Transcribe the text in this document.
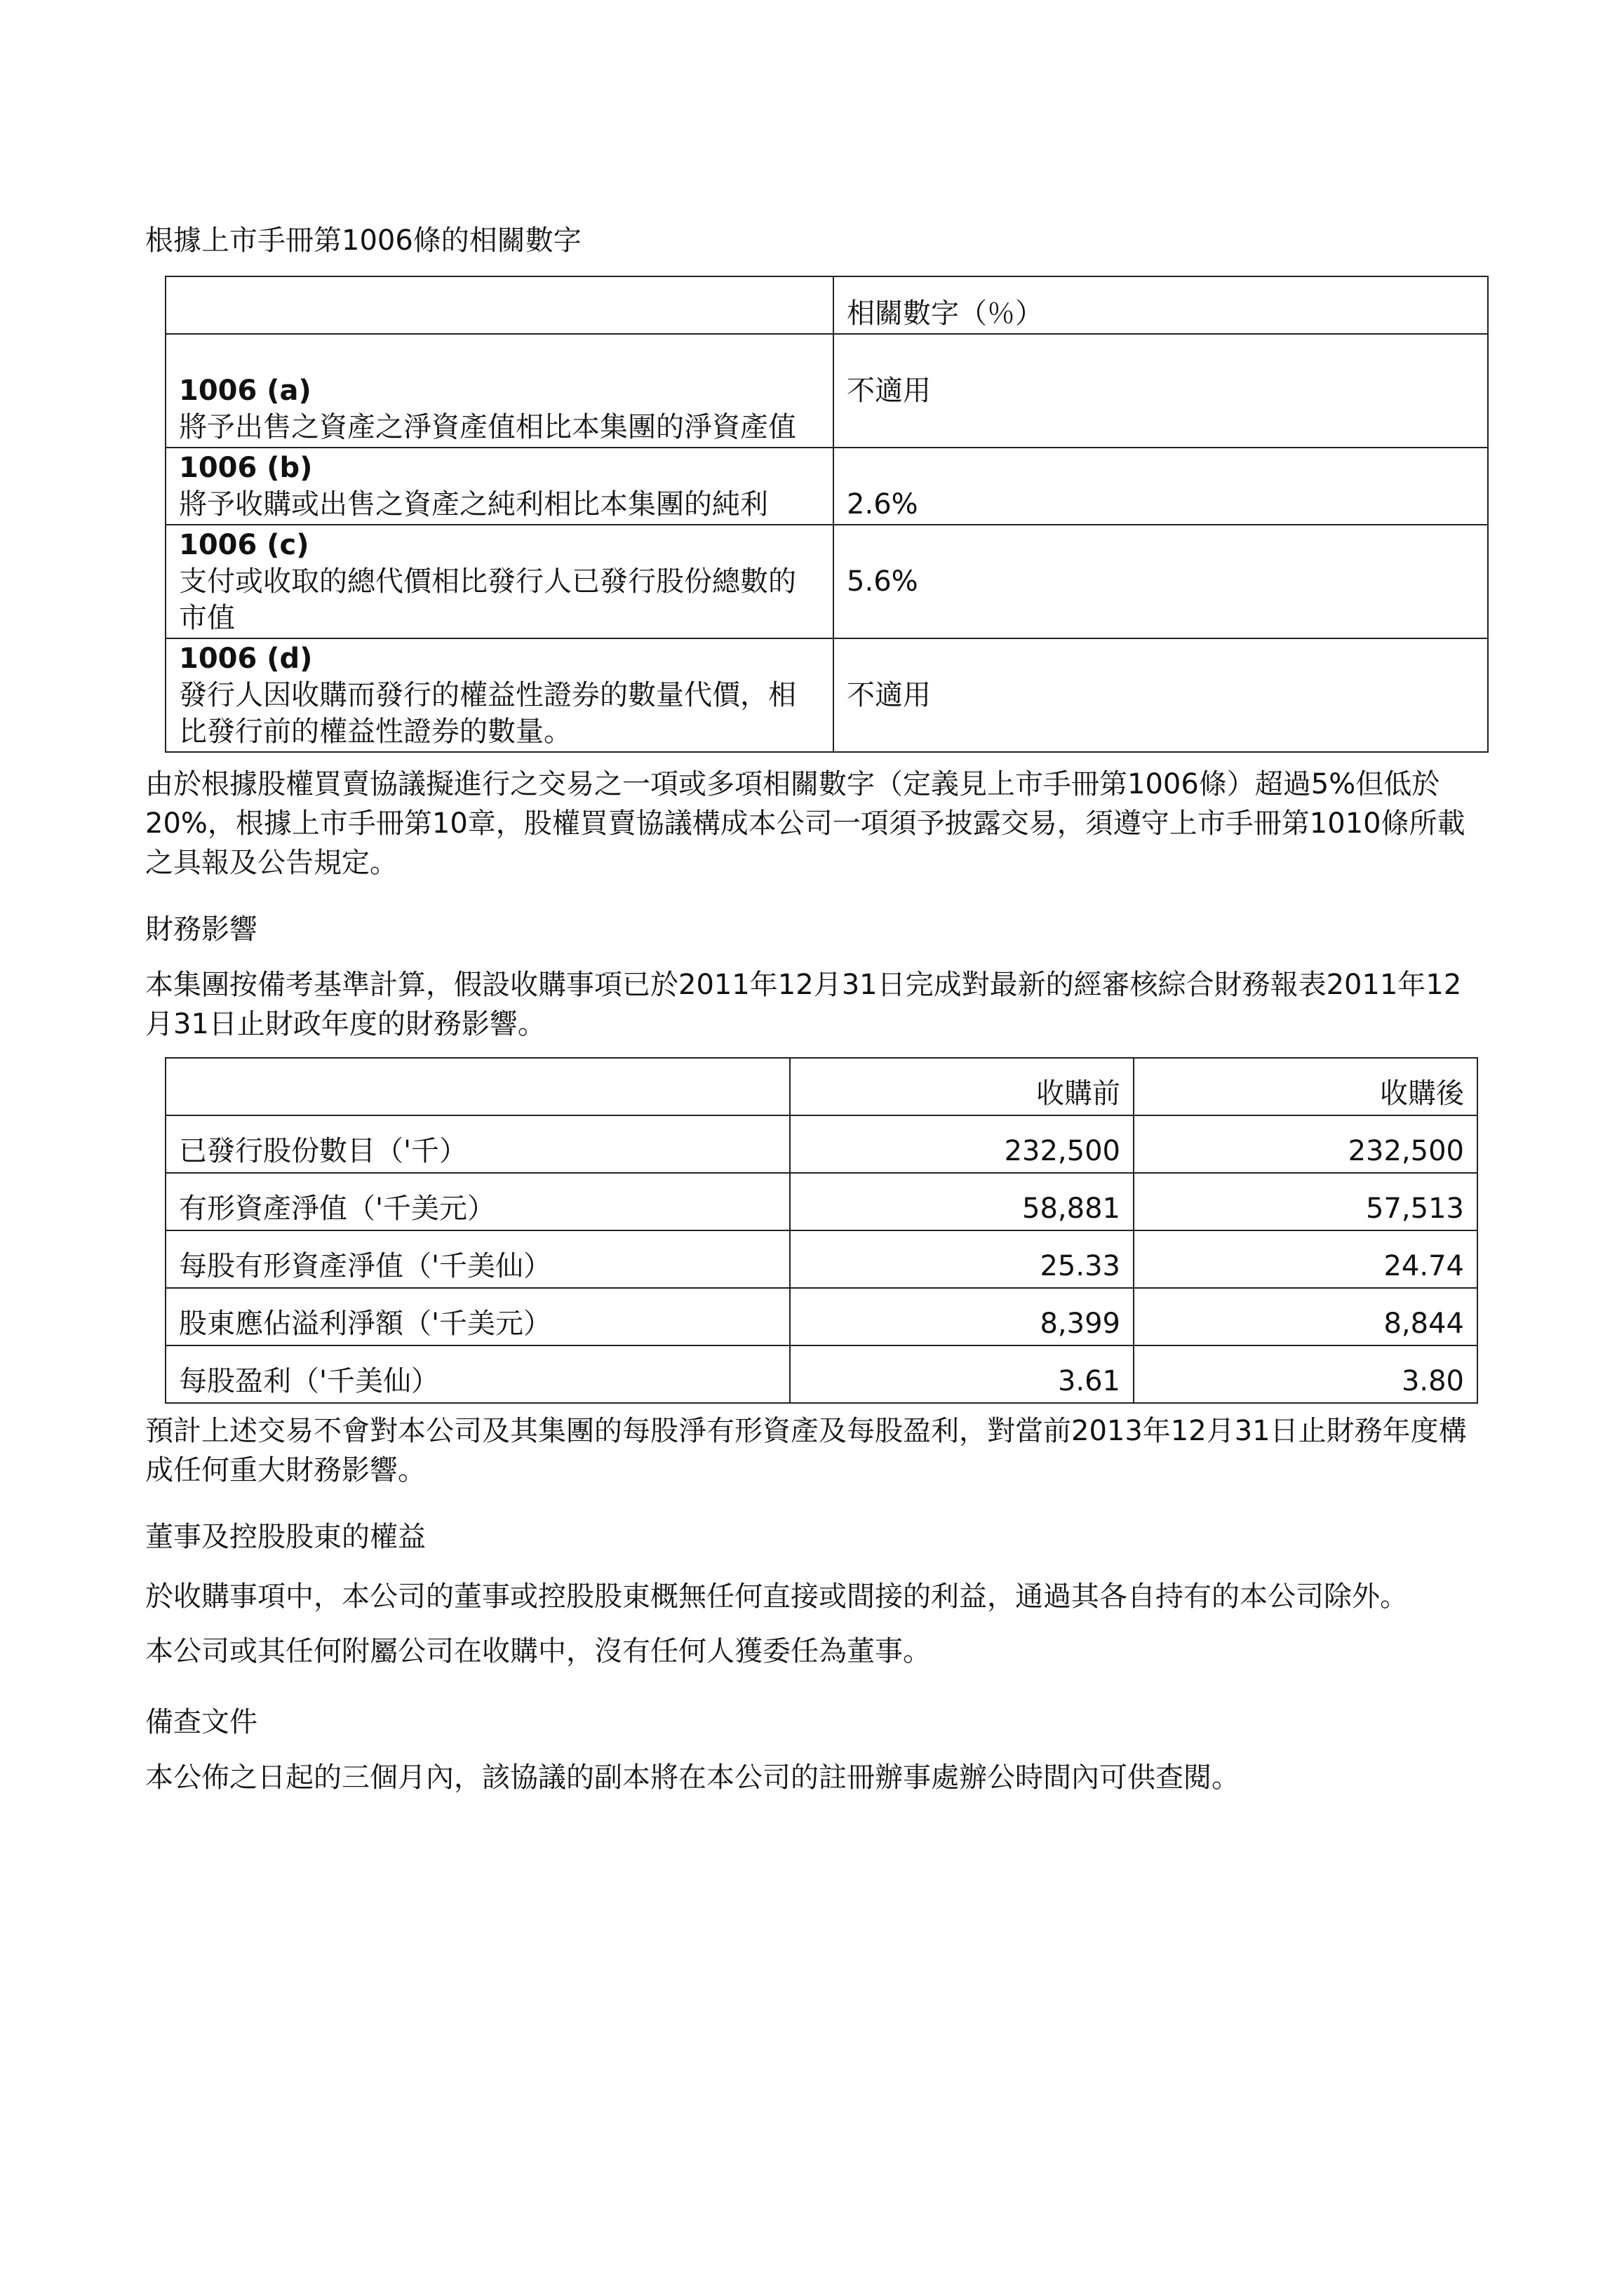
根據上市手冊第1006條的相關數字
	相關數字（％）

1006 (a)
將予出售之資產之淨資產值相比本集團的淨資產值	不適用

1006 (b)
將予收購或出售之資產之純利相比本集團的純利	2.6%

1006 (c)
支付或收取的總代價相比發行人已發行股份總數的市值	5.6%

1006 (d)
發行人因收購而發行的權益性證券的數量代價，相比發行前的權益性證券的數量。	不適用
由於根據股權買賣協議擬進行之交易之一項或多項相關數字（定義見上市手冊第1006條）超過5%但低於20%，根據上市手冊第10章，股權買賣協議構成本公司一項須予披露交易，須遵守上市手冊第1010條所載之具報及公告規定。
財務影響
本集團按備考基準計算，假設收購事項已於2011年12月31日完成對最新的經審核綜合財務報表2011年12月31日止財政年度的財務影響。
	收購前	收購後
已發行股份數目（'千）	232,500	232,500
有形資產淨值（'千美元）	58,881	57,513
每股有形資產淨值（'千美仙）	25.33	24.74
股東應佔溢利淨額（'千美元）	8,399	8,844
每股盈利（'千美仙）	3.61	3.80
預計上述交易不會對本公司及其集團的每股淨有形資產及每股盈利，對當前2013年12月31日止財務年度構成任何重大財務影響。
董事及控股股東的權益
於收購事項中，本公司的董事或控股股東概無任何直接或間接的利益，通過其各自持有的本公司除外。
本公司或其任何附屬公司在收購中，沒有任何人獲委任為董事。
備查文件
本公佈之日起的三個月內，該協議的副本將在本公司的註冊辦事處辦公時間內可供查閱。
